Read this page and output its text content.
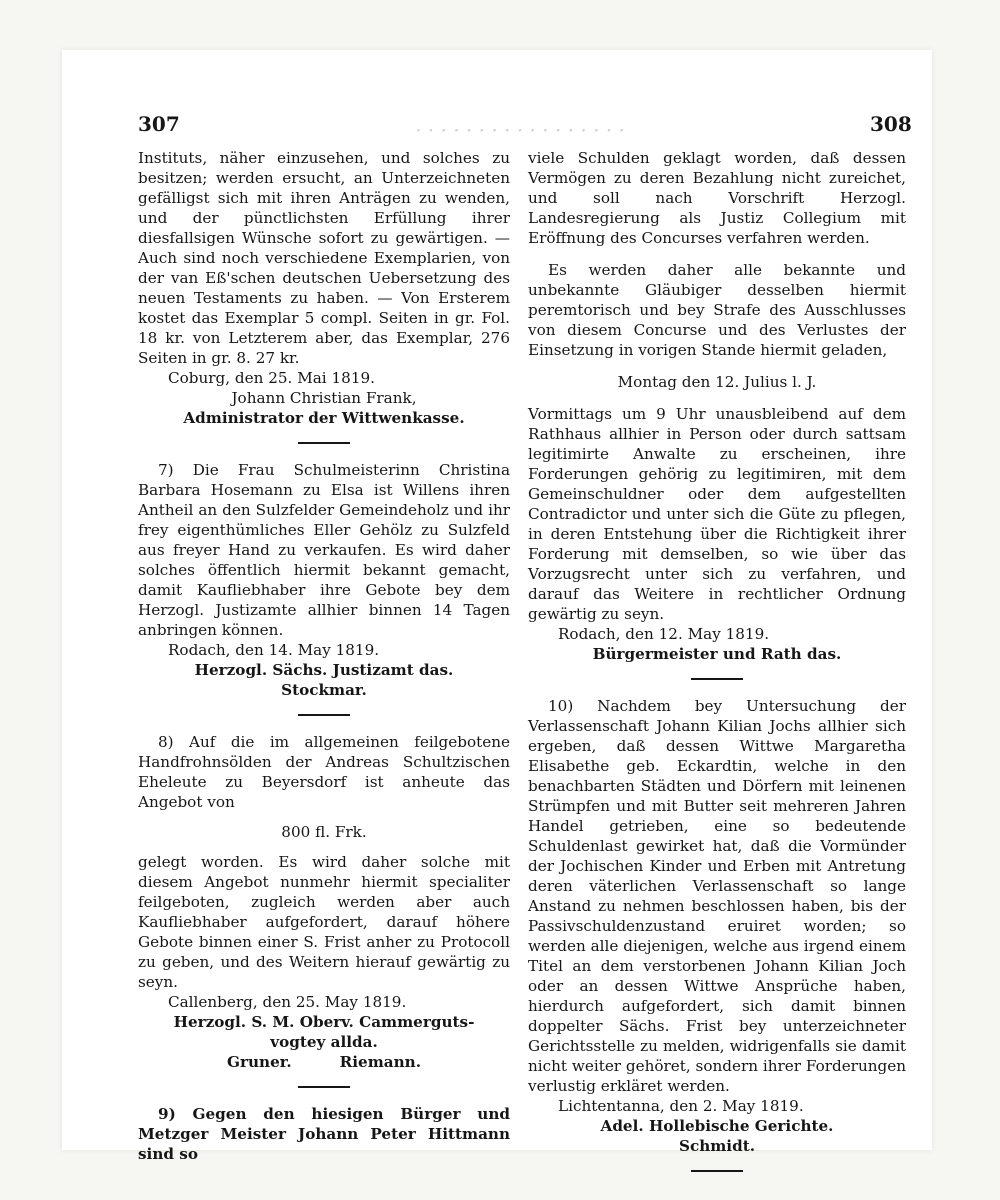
· · · · · · · · · · · · · · · · ·
307	308

Instituts, näher einzusehen, und solches zu besitzen; werden ersucht, an Unterzeichneten gefälligst sich mit ihren Anträgen zu wenden, und der pünctlichsten Erfüllung ihrer diesfallsigen Wünsche sofort zu gewärtigen. — Auch sind noch verschiedene Exemplarien, von der van Eß'schen deutschen Uebersetzung des neuen Testaments zu haben. — Von Ersterem kostet das Exemplar 5 compl. Seiten in gr. Fol. 18 kr. von Letzterem aber, das Exemplar, 276 Seiten in gr. 8. 27 kr.

Coburg, den 25. Mai 1819.

Johann Christian Frank,

Administrator der Wittwenkasse.

7) Die Frau Schulmeisterinn Christina Barbara Hosemann zu Elsa ist Willens ihren Antheil an den Sulzfelder Gemeindeholz und ihr frey eigenthümliches Eller Gehölz zu Sulzfeld aus freyer Hand zu verkaufen. Es wird daher solches öffentlich hiermit bekannt gemacht, damit Kaufliebhaber ihre Gebote bey dem Herzogl. Justizamte allhier binnen 14 Tagen anbringen können.

Rodach, den 14. May 1819.

Herzogl. Sächs. Justizamt das.

Stockmar.

8) Auf die im allgemeinen feilgebotene Handfrohnsölden der Andreas Schultzischen Eheleute zu Beyersdorf ist anheute das Angebot von

800 fl. Frk.

gelegt worden. Es wird daher solche mit diesem Angebot nunmehr hiermit specialiter feilgeboten, zugleich werden aber auch Kaufliebhaber aufgefordert, darauf höhere Gebote binnen einer S. Frist anher zu Protocoll zu geben, und des Weitern hierauf gewärtig zu seyn.

Callenberg, den 25. May 1819.

Herzogl. S. M. Oberv. Cammerguts-

vogtey allda.

Gruner.	Riemann.

9) Gegen den hiesigen Bürger und Metzger Meister Johann Peter Hittmann sind so

viele Schulden geklagt worden, daß dessen Vermögen zu deren Bezahlung nicht zureichet, und soll nach Vorschrift Herzogl. Landesregierung als Justiz Collegium mit Eröffnung des Concurses verfahren werden.

Es werden daher alle bekannte und unbekannte Gläubiger desselben hiermit peremtorisch und bey Strafe des Ausschlusses von diesem Concurse und des Verlustes der Einsetzung in vorigen Stande hiermit geladen,

Montag den 12. Julius l. J.

Vormittags um 9 Uhr unausbleibend auf dem Rathhaus allhier in Person oder durch sattsam legitimirte Anwalte zu erscheinen, ihre Forderungen gehörig zu legitimiren, mit dem Gemeinschuldner oder dem aufgestellten Contradictor und unter sich die Güte zu pflegen, in deren Entstehung über die Richtigkeit ihrer Forderung mit demselben, so wie über das Vorzugsrecht unter sich zu verfahren, und darauf das Weitere in rechtlicher Ordnung gewärtig zu seyn.

Rodach, den 12. May 1819.

Bürgermeister und Rath das.

10) Nachdem bey Untersuchung der Verlassenschaft Johann Kilian Jochs allhier sich ergeben, daß dessen Wittwe Margaretha Elisabethe geb. Eckardtin, welche in den benachbarten Städten und Dörfern mit leinenen Strümpfen und mit Butter seit mehreren Jahren Handel getrieben, eine so bedeutende Schuldenlast gewirket hat, daß die Vormünder der Jochischen Kinder und Erben mit Antretung deren väterlichen Verlassenschaft so lange Anstand zu nehmen beschlossen haben, bis der Passivschuldenzustand eruiret worden; so werden alle diejenigen, welche aus irgend einem Titel an dem verstorbenen Johann Kilian Joch oder an dessen Wittwe Ansprüche haben, hierdurch aufgefordert, sich damit binnen doppelter Sächs. Frist bey unterzeichneter Gerichtsstelle zu melden, widrigenfalls sie damit nicht weiter gehöret, sondern ihrer Forderungen verlustig erkläret werden.

Lichtentanna, den 2. May 1819.

Adel. Hollebische Gerichte.

Schmidt.
